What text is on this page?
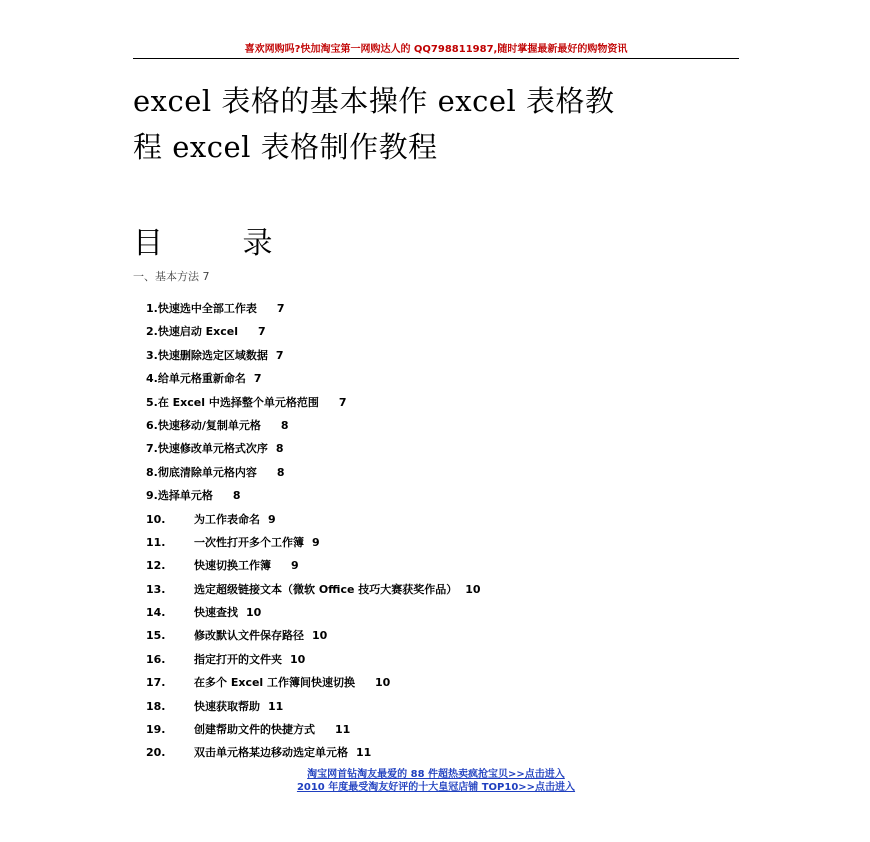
喜欢网购吗?快加淘宝第一网购达人的 QQ798811987,随时掌握最新最好的购物资讯
excel 表格的基本操作 excel 表格教
程 excel 表格制作教程
目 录
一、基本方法 7
1. 快速选中全部工作表 7
2. 快速启动 Excel 7
3. 快速删除选定区域数据 7
4. 给单元格重新命名 7
5. 在 Excel 中选择整个单元格范围 7
6. 快速移动/复制单元格 8
7. 快速修改单元格式次序 8
8. 彻底清除单元格内容 8
9. 选择单元格 8
10.	为工作表命名 9
11.	一次性打开多个工作簿 9
12.	快速切换工作簿 9
13.	选定超级链接文本（微软 Office 技巧大赛获奖作品） 10
14.	快速查找 10
15.	修改默认文件保存路径 10
16.	指定打开的文件夹 10
17.	在多个 Excel 工作簿间快速切换 10
18.	快速获取帮助 11
19.	创建帮助文件的快捷方式 11
20.	双击单元格某边移动选定单元格 11
淘宝网首钻淘友最爱的 88 件超热卖疯抢宝贝>>点击进入
2010 年度最受淘友好评的十大皇冠店铺 TOP10>>点击进入
